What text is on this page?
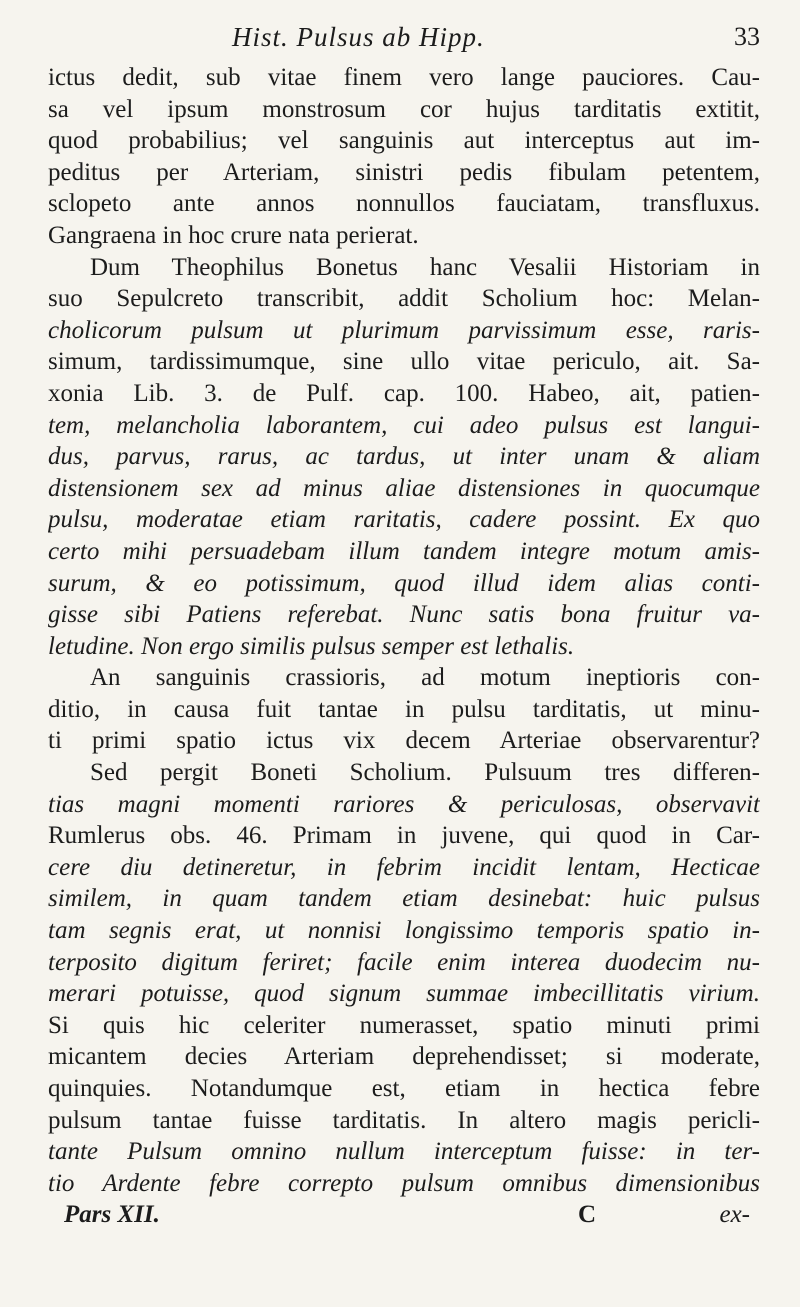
Hist. Pulsus ab Hipp.	33
ictus dedit, sub vitae finem vero lange pauciores. Cau-
sa vel ipsum monstrosum cor hujus tarditatis extitit,
quod probabilius; vel sanguinis aut interceptus aut im-
peditus per Arteriam, sinistri pedis fibulam petentem,
sclopeto ante annos nonnullos fauciatam, transfluxus.
Gangraena in hoc crure nata perierat.
Dum Theophilus Bonetus hanc Vesalii Historiam in
suo Sepulcreto transcribit, addit Scholium hoc: Melan-
cholicorum pulsum ut plurimum parvissimum esse, raris-
simum, tardissimumque, sine ullo vitae periculo, ait. Sa-
xonia Lib. 3. de Pulf. cap. 100. Habeo, ait, patien-
tem, melancholia laborantem, cui adeo pulsus est langui-
dus, parvus, rarus, ac tardus, ut inter unam & aliam
distensionem sex ad minus aliae distensiones in quocumque
pulsu, moderatae etiam raritatis, cadere possint. Ex quo
certo mihi persuadebam illum tandem integre motum amis-
surum, & eo potissimum, quod illud idem alias conti-
gisse sibi Patiens referebat. Nunc satis bona fruitur va-
letudine. Non ergo similis pulsus semper est lethalis.
An sanguinis crassioris, ad motum ineptioris con-
ditio, in causa fuit tantae in pulsu tarditatis, ut minu-
ti primi spatio ictus vix decem Arteriae observarentur?
Sed pergit Boneti Scholium. Pulsuum tres differen-
tias magni momenti rariores & periculosas, observavit
Rumlerus obs. 46. Primam in juvene, qui quod in Car-
cere diu detineretur, in febrim incidit lentam, Hecticae
similem, in quam tandem etiam desinebat: huic pulsus
tam segnis erat, ut nonnisi longissimo temporis spatio in-
terposito digitum feriret; facile enim interea duodecim nu-
merari potuisse, quod signum summae imbecillitatis virium.
Si quis hic celeriter numerasset, spatio minuti primi
micantem decies Arteriam deprehendisset; si moderate,
quinquies. Notandumque est, etiam in hectica febre
pulsum tantae fuisse tarditatis. In altero magis pericli-
tante Pulsum omnino nullum interceptum fuisse: in ter-
tio Ardente febre correpto pulsum omnibus dimensionibus
Pars XII.	C	ex-
